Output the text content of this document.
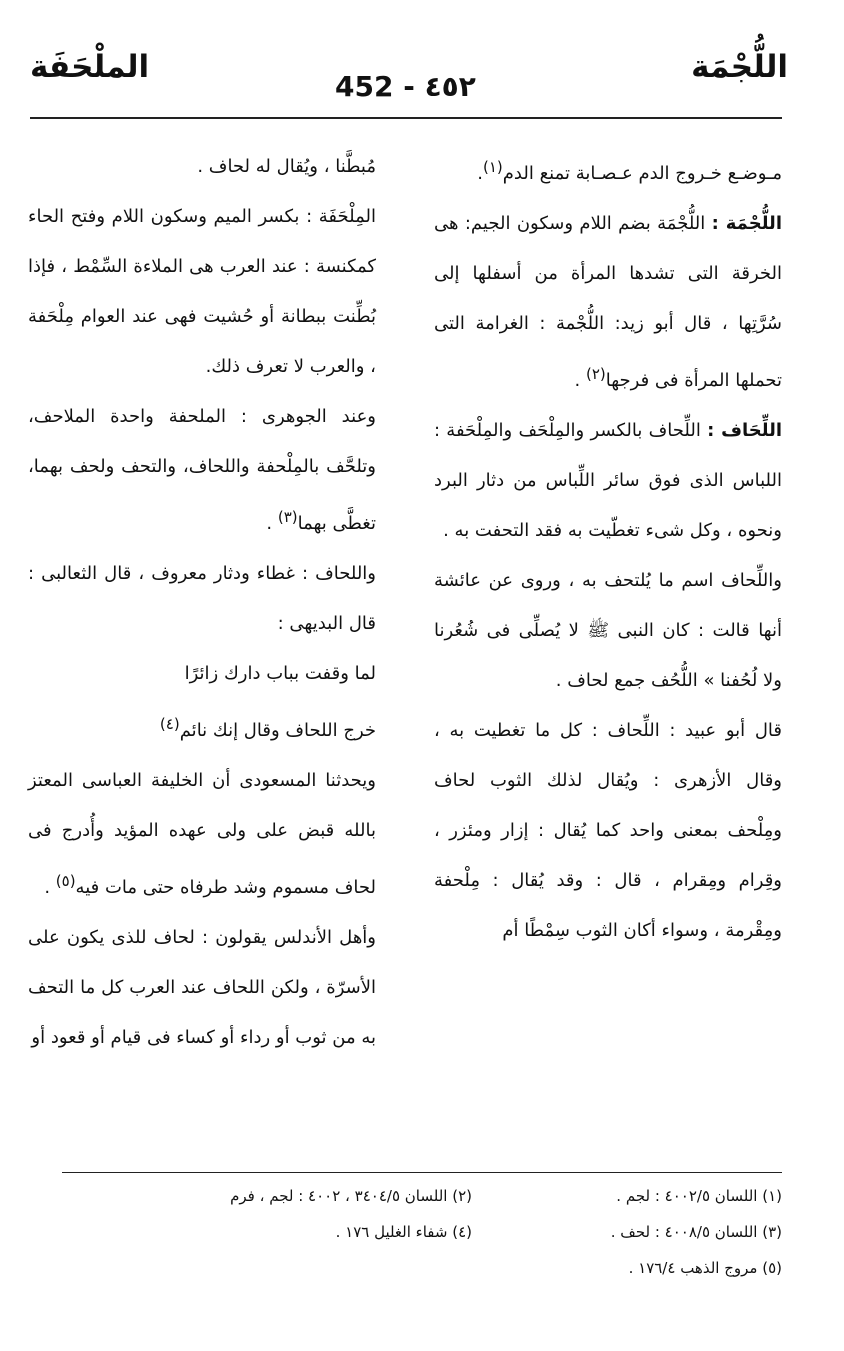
اللُّجْمَة
452 - ٤٥٢
الملْحَفَة

مـوضـع خـروج الدم عـصـابة تمنع الدم$^{(١)}$.

اللُّجْمَة : اللُّجْمَة بضم اللام وسكون الجيم: هى الخرقة التى تشدها المرأة من أسفلها إلى سُرَّتِها ، قال أبو زيد: اللُّجْمة : الغرامة التى تحملها المرأة فى فرجها$^{(٢)}$ .

اللِّحَاف : اللِّحاف بالكسر والمِلْحَف والمِلْحَفة : اللباس الذى فوق سائر اللِّباس من دثار البرد ونحوه ، وكل شىء تغطّيت به فقد التحفت به .

واللِّحاف اسم ما يُلتحف به ، وروى عن عائشة أنها قالت : كان النبى ﷺ لا يُصلِّى فى شُعُرنا ولا لُحُفنا » اللُّحُف جمع لحاف .

قال أبو عبيد : اللِّحاف : كل ما تغطيت به ، وقال الأزهرى : ويُقال لذلك الثوب لحاف ومِلْحف بمعنى واحد كما يُقال : إزار ومئزر ، وقِرام ومِقرام ، قال : وقد يُقال : مِلْحفة ومِقْرمة ، وسواء أكان الثوب سِمْطًا أم

مُبطَّنا ، ويُقال له لحاف .

المِلْحَفَة : بكسر الميم وسكون اللام وفتح الحاء كمكنسة : عند العرب هى الملاءة السِّمْط ، فإذا بُطِّنت ببطانة أو حُشيت فهى عند العوام مِلْحَفة ، والعرب لا تعرف ذلك.

وعند الجوهرى : الملحفة واحدة الملاحف، وتلحَّف بالمِلْحفة واللحاف، والتحف ولحف بهما، تغطَّى بهما$^{(٣)}$ .

واللحاف : غطاء ودثار معروف ، قال الثعالبى : قال البديهى :

لما وقفت بباب دارك زائرًا

خرج اللحاف وقال إنك نائم$^{(٤)}$

ويحدثنا المسعودى أن الخليفة العباسى المعتز بالله قبض على ولى عهده المؤيد وأُدرج فى لحاف مسموم وشد طرفاه حتى مات فيه$^{(٥)}$ .

وأهل الأندلس يقولون : لحاف للذى يكون على الأسرّة ، ولكن اللحاف عند العرب كل ما التحف به من ثوب أو رداء أو كساء فى قيام أو قعود أو

(١) اللسان ٤٠٠٢/٥ : لجم .
(٢) اللسان ٣٤٠٤/٥ ، ٤٠٠٢ : لجم ، فرم
(٣) اللسان ٤٠٠٨/٥ : لحف .
(٤) شفاء الغليل ١٧٦ .
(٥) مروج الذهب ١٧٦/٤ .
